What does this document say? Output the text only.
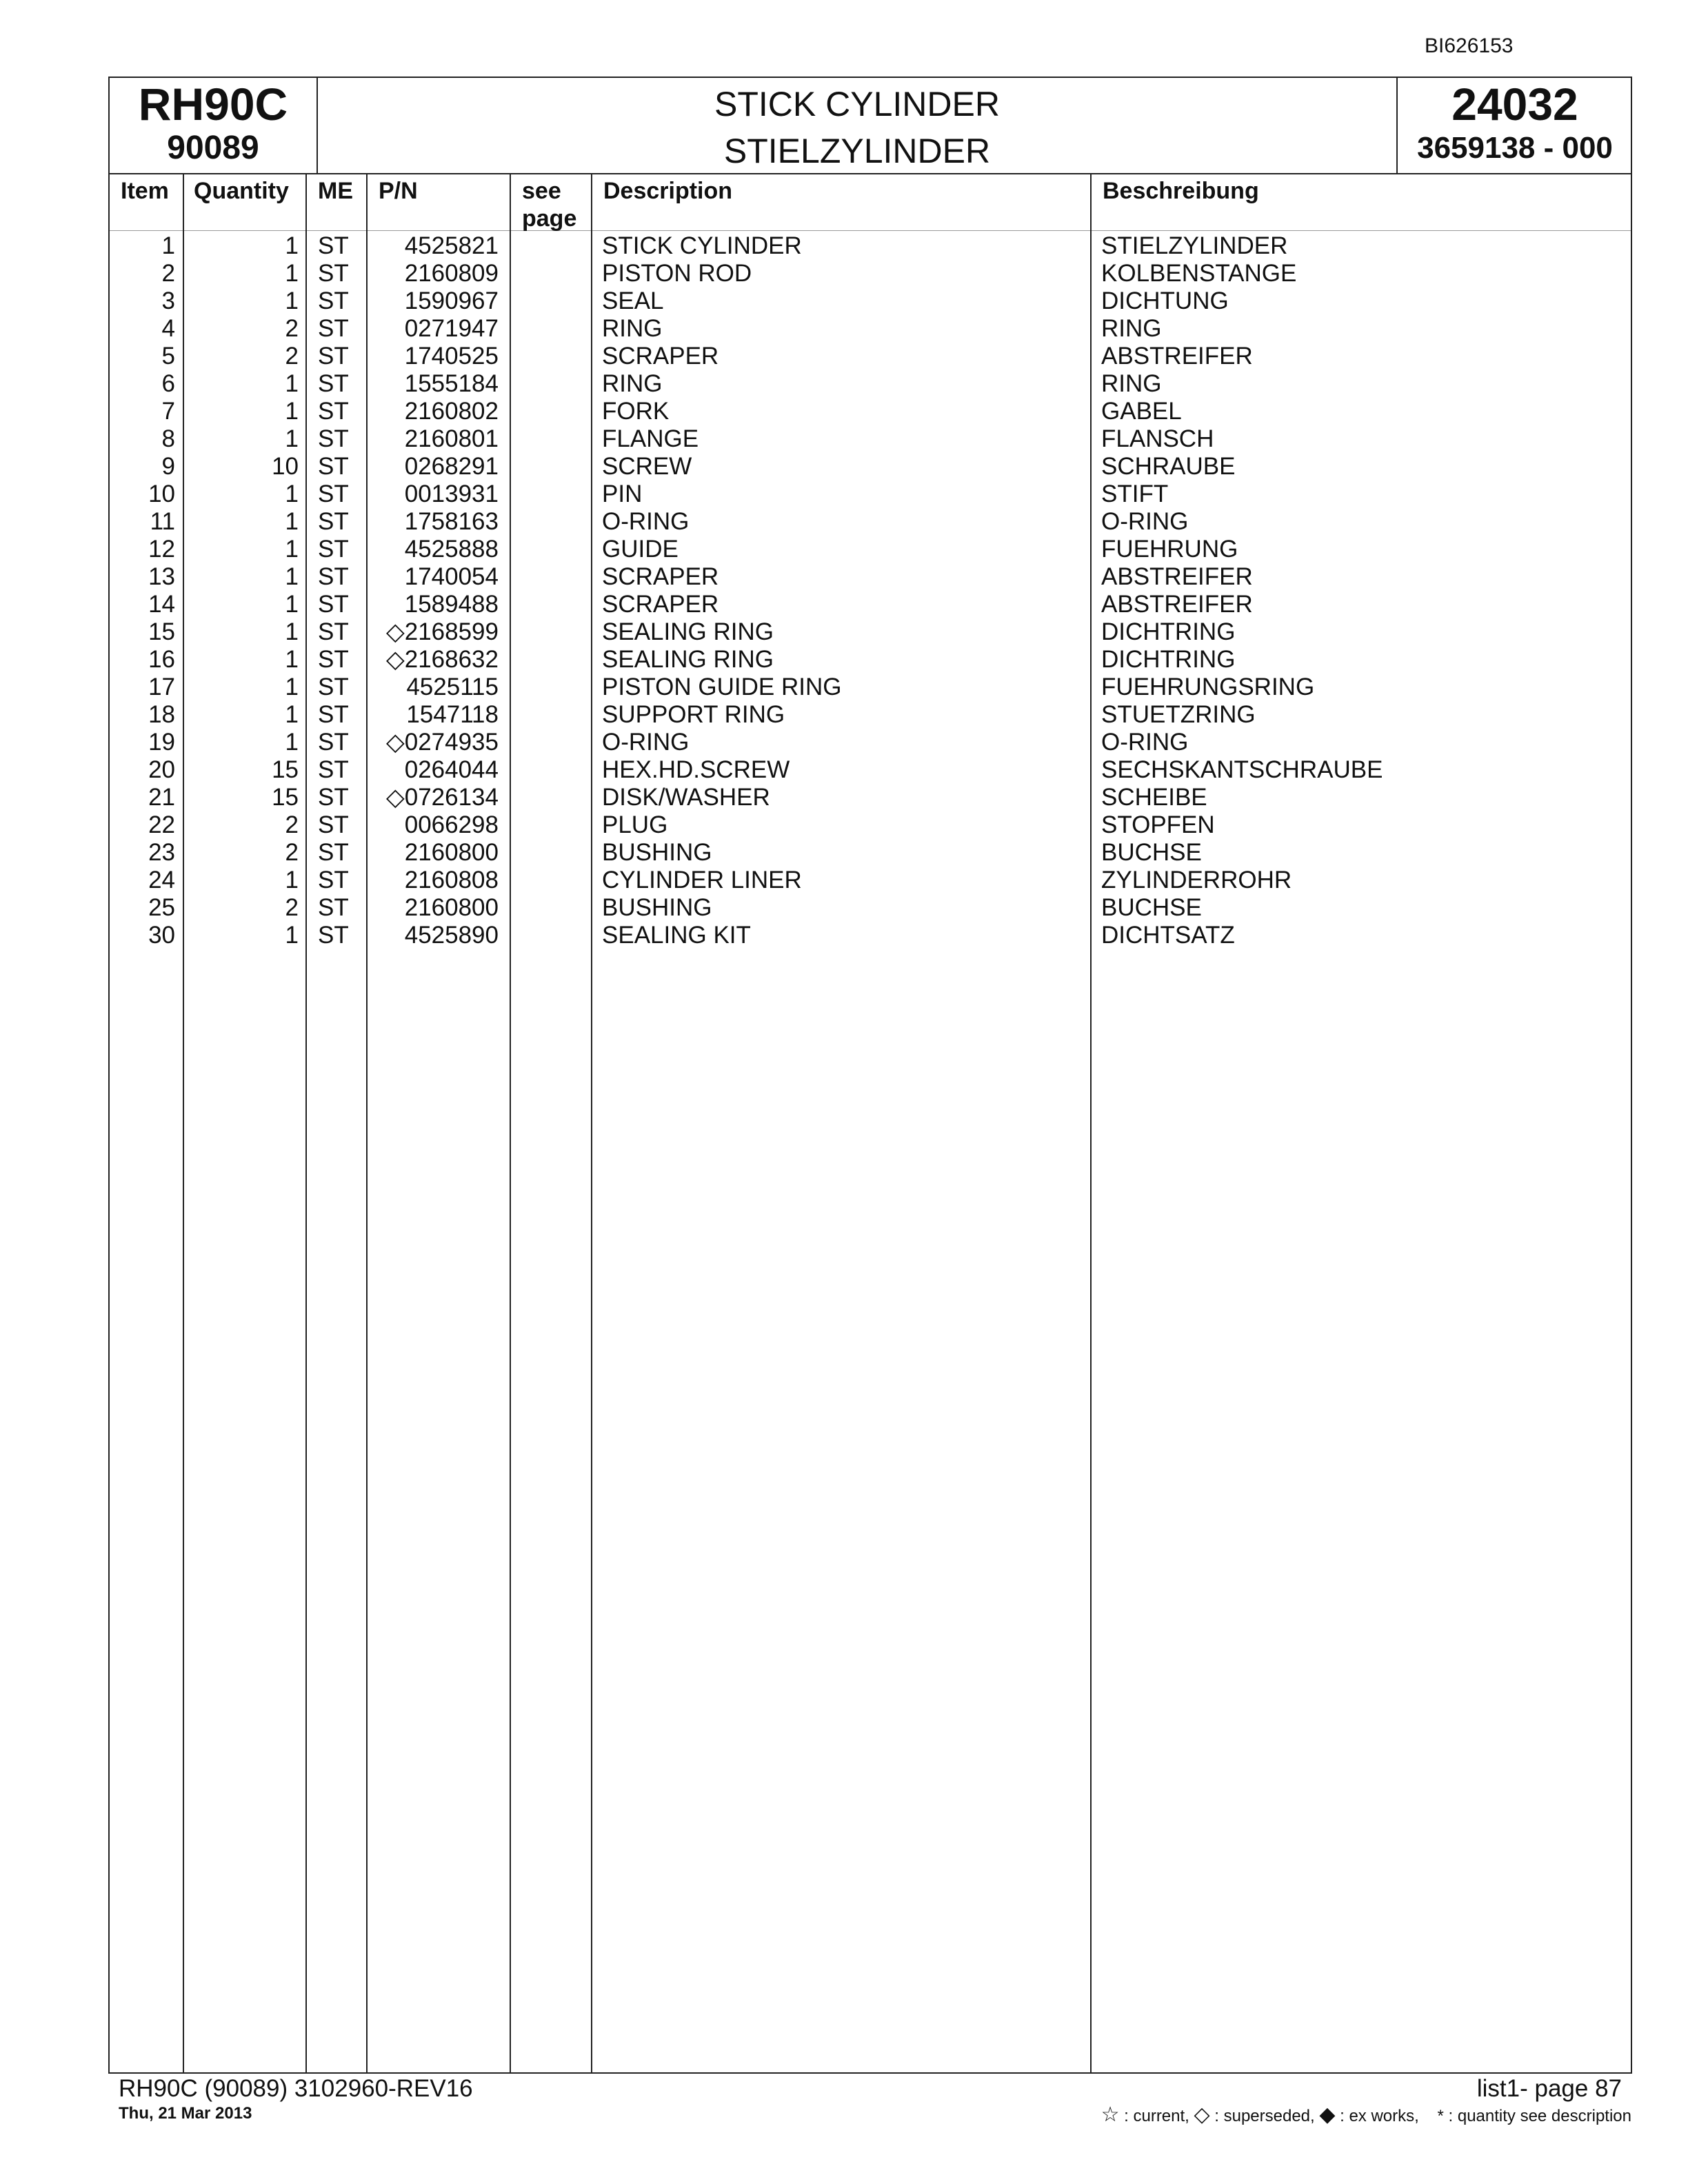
BI626153
RH90C
90089
STICK CYLINDER
STIELZYLINDER
24032
3659138 - 000
Item Quantity ME P/N	see
page
Description	Beschreibung
1	1 ST 4525821	STICK CYLINDER	STIELZYLINDER
2	1 ST 2160809	PISTON ROD	KOLBENSTANGE
3	1 ST 1590967	SEAL	DICHTUNG
4	2 ST 0271947	RING	RING
5	2 ST 1740525	SCRAPER	ABSTREIFER
6	1 ST 1555184	RING	RING
7	1 ST 2160802	FORK	GABEL
8	1 ST 2160801	FLANGE	FLANSCH
9	10 ST 0268291	SCREW	SCHRAUBE
10	1 ST 0013931	PIN	STIFT
11	1 ST 1758163	O-RING	O-RING
12	1 ST 4525888	GUIDE	FUEHRUNG
13	1 ST 1740054	SCRAPER	ABSTREIFER
14	1 ST 1589488	SCRAPER	ABSTREIFER
15	1 ST ◇2168599	SEALING RING	DICHTRING
16	1 ST ◇2168632	SEALING RING	DICHTRING
17	1 ST 4525115	PISTON GUIDE RING	FUEHRUNGSRING
18	1 ST 1547118	SUPPORT RING	STUETZRING
19	1 ST ◇0274935	O-RING	O-RING
20	15 ST 0264044	HEX.HD.SCREW	SECHSKANTSCHRAUBE
21	15 ST ◇0726134	DISK/WASHER	SCHEIBE
22	2 ST 0066298	PLUG	STOPFEN
23	2 ST 2160800	BUSHING	BUCHSE
24	1 ST 2160808	CYLINDER LINER	ZYLINDERROHR
25	2 ST 2160800	BUSHING	BUCHSE
30	1 ST 4525890	SEALING KIT	DICHTSATZ
RH90C (90089) 3102960-REV16
Thu, 21 Mar 2013
list1- page 87
☆ : current, ◇ : superseded, ◆ : ex works, * : quantity see description
